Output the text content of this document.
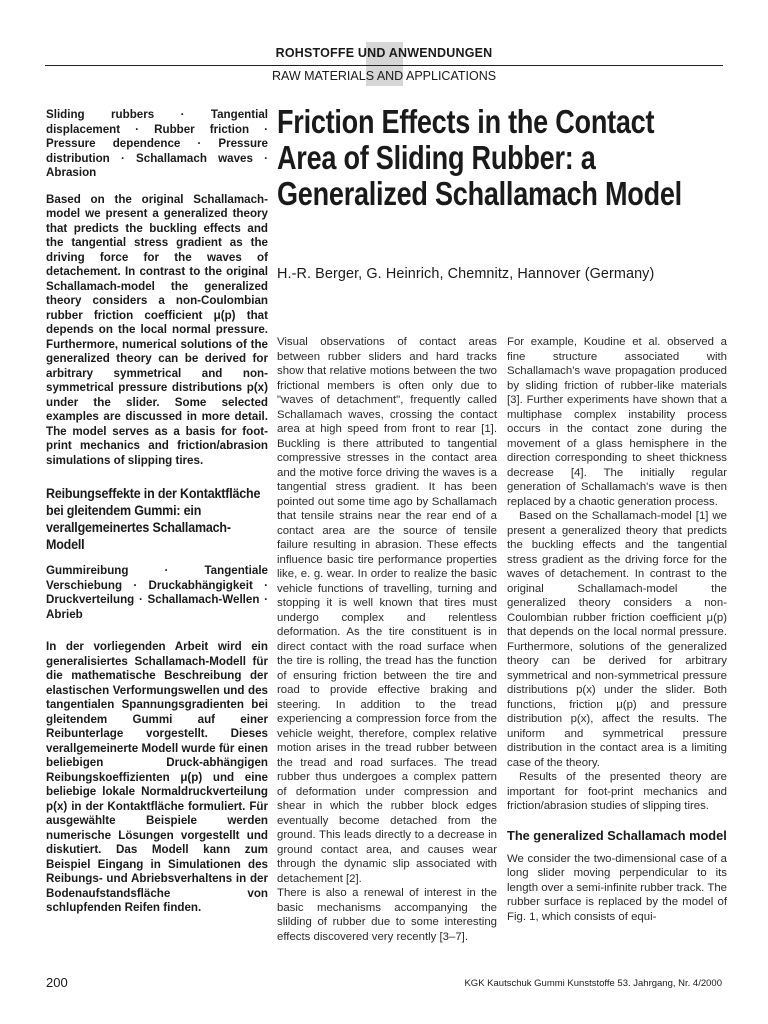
ROHSTOFFE UND ANWENDUNGEN
RAW MATERIALS AND APPLICATIONS

Sliding rubbers · Tangential displacement · Rubber friction · Pressure dependence · Pressure distribution · Schallamach waves · Abrasion

Based on the original Schallamach-model we present a generalized theory that predicts the buckling effects and the tangential stress gradient as the driving force for the waves of detachement. In contrast to the original Schallamach-model the generalized theory considers a non-Coulombian rubber friction coefficient μ(p) that depends on the local normal pressure. Furthermore, numerical solutions of the generalized theory can be derived for arbitrary symmetrical and non-symmetrical pressure distributions p(x) under the slider. Some selected examples are discussed in more detail. The model serves as a basis for foot-print mechanics and friction/abrasion simulations of slipping tires.

Reibungseffekte in der Kontaktfläche bei gleitendem Gummi: ein verallgemeinertes Schallamach-Modell

Gummireibung · Tangentiale Verschiebung · Druckabhängigkeit · Druckverteilung · Schallamach-Wellen · Abrieb

In der vorliegenden Arbeit wird ein generalisiertes Schallamach-Modell für die mathematische Beschreibung der elastischen Verformungswellen und des tangentialen Spannungsgradienten bei gleitendem Gummi auf einer Reibunterlage vorgestellt. Dieses verallgemeinerte Modell wurde für einen beliebigen Druck-abhängigen Reibungskoeffizienten μ(p) und eine beliebige lokale Normaldruckverteilung p(x) in der Kontaktfläche formuliert. Für ausgewählte Beispiele werden numerische Lösungen vorgestellt und diskutiert. Das Modell kann zum Beispiel Eingang in Simulationen des Reibungs- und Abriebsverhaltens in der Bodenaufstandsfläche von schlupfenden Reifen finden.

Friction Effects in the Contact Area of Sliding Rubber: a Generalized Schallamach Model
H.-R. Berger, G. Heinrich, Chemnitz, Hannover (Germany)

Visual observations of contact areas between rubber sliders and hard tracks show that relative motions between the two frictional members is often only due to "waves of detachment", frequently called Schallamach waves, crossing the contact area at high speed from front to rear [1]. Buckling is there attributed to tangential compressive stresses in the contact area and the motive force driving the waves is a tangential stress gradient. It has been pointed out some time ago by Schallamach that tensile strains near the rear end of a contact area are the source of tensile failure resulting in abrasion. These effects influence basic tire performance properties like, e. g. wear. In order to realize the basic vehicle functions of travelling, turning and stopping it is well known that tires must undergo complex and relentless deformation. As the tire constituent is in direct contact with the road surface when the tire is rolling, the tread has the function of ensuring friction between the tire and road to provide effective braking and steering. In addition to the tread experiencing a compression force from the vehicle weight, therefore, complex relative motion arises in the tread rubber between the tread and road surfaces. The tread rubber thus undergoes a complex pattern of deformation under compression and shear in which the rubber block edges eventually become detached from the ground. This leads directly to a decrease in ground contact area, and causes wear through the dynamic slip associated with detachement [2].

There is also a renewal of interest in the basic mechanisms accompanying the slilding of rubber due to some interesting effects discovered very recently [3–7].

For example, Koudine et al. observed a fine structure associated with Schallamach's wave propagation produced by sliding friction of rubber-like materials [3]. Further experiments have shown that a multiphase complex instability process occurs in the contact zone during the movement of a glass hemisphere in the direction corresponding to sheet thickness decrease [4]. The initially regular generation of Schallamach's wave is then replaced by a chaotic generation process.

Based on the Schallamach-model [1] we present a generalized theory that predicts the buckling effects and the tangential stress gradient as the driving force for the waves of detachement. In contrast to the original Schallamach-model the generalized theory considers a non-Coulombian rubber friction coefficient μ(p) that depends on the local normal pressure. Furthermore, solutions of the generalized theory can be derived for arbitrary symmetrical and non-symmetrical pressure distributions p(x) under the slider. Both functions, friction μ(p) and pressure distribution p(x), affect the results. The uniform and symmetrical pressure distribution in the contact area is a limiting case of the theory.

Results of the presented theory are important for foot-print mechanics and friction/abrasion studies of slipping tires.

The generalized Schallamach model

We consider the two-dimensional case of a long slider moving perpendicular to its length over a semi-infinite rubber track. The rubber surface is replaced by the model of Fig. 1, which consists of equi-

200	KGK Kautschuk Gummi Kunststoffe 53. Jahrgang, Nr. 4/2000
